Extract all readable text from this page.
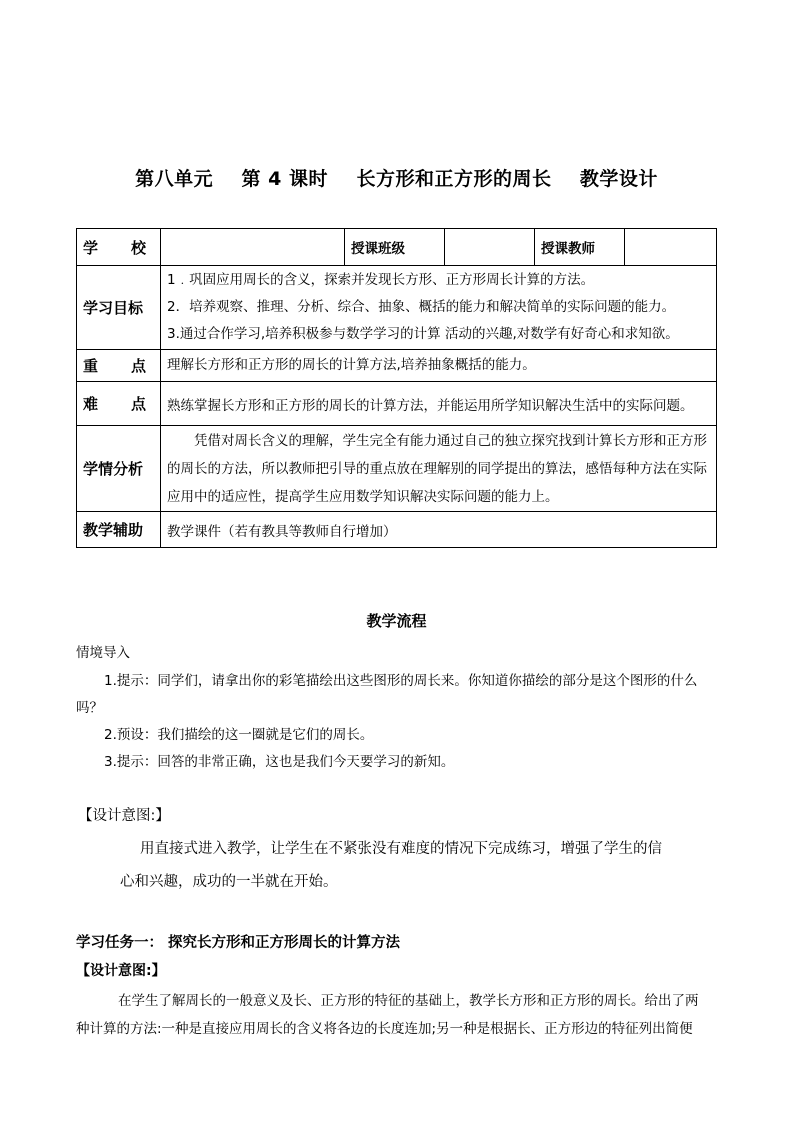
第八单元    第 4 课时    长方形和正方形的周长    教学设计
学 校		授课班级		授课教师	
学习目标	1﹒巩固应用周长的含义，探索并发现长方形、正方形周长计算的方法。
2．培养观察、推理、分析、综合、抽象、概括的能力和解决简单的实际问题的能力。
3.通过合作学习,培养积极参与数学学习的计算 活动的兴趣,对数学有好奇心和求知欲。				

重 点	理解长方形和正方形的周长的计算方法,培养抽象概括的能力。				

难 点	熟练掌握长方形和正方形的周长的计算方法，并能运用所学知识解决生活中的实际问题。				
学情分析	凭借对周长含义的理解，学生完全有能力通过自己的独立探究找到计算长方形和正方形的周长的方法，所以教师把引导的重点放在理解别的同学提出的算法，感悟每种方法在实际应用中的适应性，提高学生应用数学知识解决实际问题的能力上。				
教学辅助	教学课件（若有教具等教师自行增加）				
教学流程
情境导入
1.提示：同学们，请拿出你的彩笔描绘出这些图形的周长来。你知道你描绘的部分是这个图形的什么
吗？
2.预设：我们描绘的这一圈就是它们的周长。
3.提示：回答的非常正确，这也是我们今天要学习的新知。
【设计意图:】
用直接式进入教学，让学生在不紧张没有难度的情况下完成练习，增强了学生的信
心和兴趣，成功的一半就在开始。
学习任务一： 探究长方形和正方形周长的计算方法
【设计意图:】
在学生了解周长的一般意义及长、正方形的特征的基础上，教学长方形和正方形的周长。给出了两
种计算的方法:一种是直接应用周长的含义将各边的长度连加;另一种是根据长、正方形边的特征列出简便
